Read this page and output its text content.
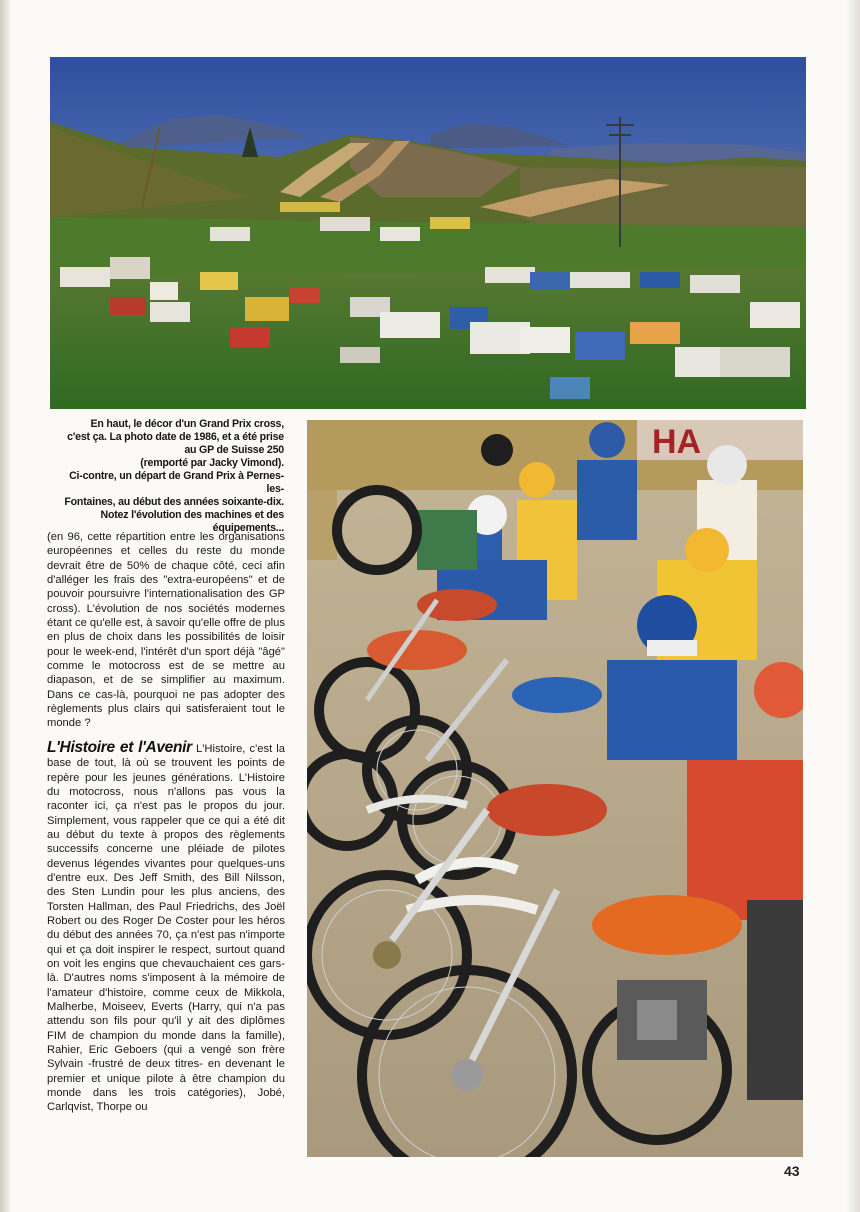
En haut, le décor d'un Grand Prix cross,

c'est ça. La photo date de 1986, et a été prise

au GP de Suisse 250

(remporté par Jacky Vimond).

Ci-contre, un départ de Grand Prix à Pernes-les-

Fontaines, au début des années soixante-dix.

Notez l'évolution des machines et des

équipements...

(en 96, cette répartition entre les organisations européennes et celles du reste du monde devrait être de 50% de chaque côté, ceci afin d'alléger les frais des "extra-européens" et de pouvoir poursuivre l'internationalisation des GP cross). L'évolution de nos sociétés modernes étant ce qu'elle est, à savoir qu'elle offre de plus en plus de choix dans les possibilités de loisir pour le week-end, l'intérêt d'un sport déjà "âgé" comme le motocross est de se mettre au diapason, et de se simplifier au maximum. Dans ce cas-là, pourquoi ne pas adopter des règlements plus clairs qui satisferaient tout le monde ?

L'Histoire et l'Avenir L'Histoire, c'est la base de tout, là où se trouvent les points de repère pour les jeunes générations. L'Histoire du motocross, nous n'allons pas vous la raconter ici, ça n'est pas le propos du jour. Simplement, vous rappeler que ce qui a été dit au début du texte à propos des règlements successifs concerne une pléiade de pilotes devenus légendes vivantes pour quelques-uns d'entre eux. Des Jeff Smith, des Bill Nilsson, des Sten Lundin pour les plus anciens, des Torsten Hallman, des Paul Friedrichs, des Joël Robert ou des Roger De Coster pour les héros du début des années 70, ça n'est pas n'importe qui et ça doit inspirer le respect, surtout quand on voit les engins que chevauchaient ces gars-là. D'autres noms s'imposent à la mémoire de l'amateur d'histoire, comme ceux de Mikkola, Malherbe, Moiseev, Everts (Harry, qui n'a pas attendu son fils pour qu'il y ait des diplômes FIM de champion du monde dans la famille), Rahier, Eric Geboers (qui a vengé son frère Sylvain -frustré de deux titres- en devenant le premier et unique pilote à être champion du monde dans les trois catégories), Jobé, Carlqvist, Thorpe ou

HA
43
